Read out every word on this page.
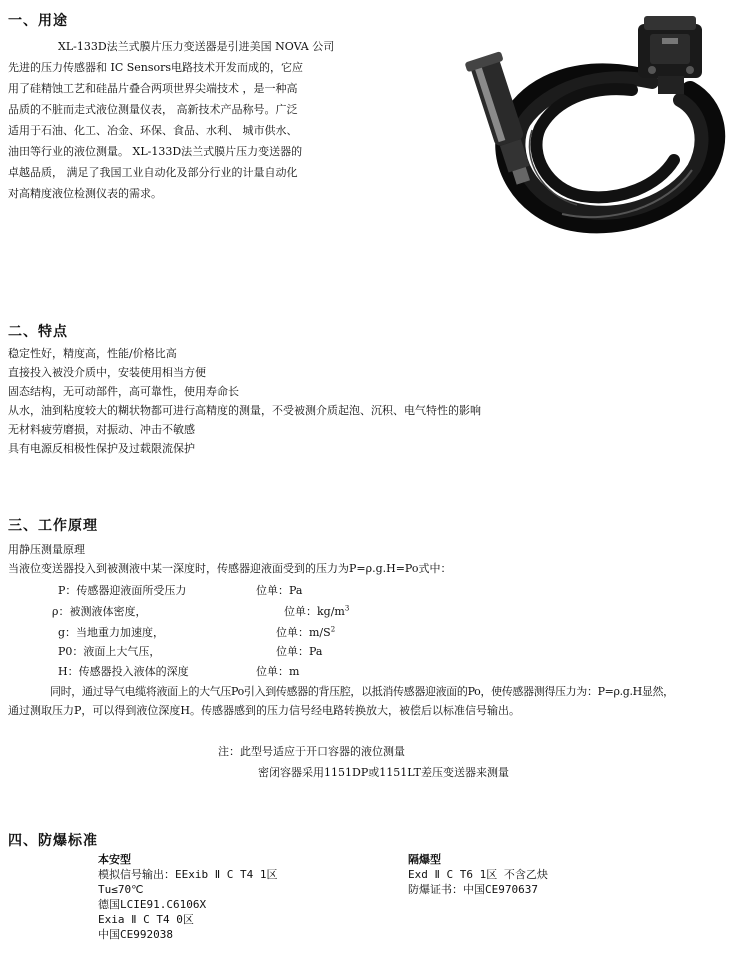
一、用途
XL-133D法兰式膜片压力变送器是引进美国 NOVA 公司
先进的压力传感器和 IC Sensors电路技术开发而成的，它应
用了硅精蚀工艺和硅晶片叠合两项世界尖端技术 ，是一种高
品质的不脏而走式液位测量仪表， 高新技术产品称号。广泛
适用于石油、化工、冶金、环保、食品、水利、 城市供水、
油田等行业的液位测量。 XL-133D法兰式膜片压力变送器的
卓越品质， 满足了我国工业自动化及部分行业的计量自动化
对高精度液位检测仪表的需求。
二、特点
稳定性好，精度高，性能/价格比高
直接投入被没介质中，安装使用相当方便
固态结构，无可动部件，高可靠性，使用寿命长
从水，油到粘度较大的糊状物都可进行高精度的测量，不受被测介质起泡、沉积、电气特性的影响
无材料疲劳磨损，对振动、冲击不敏感
具有电源反相极性保护及过载限流保护
三、工作原理
用静压测量原理
当液位变送器投入到被测液中某一深度时，传感器迎液面受到的压力为P=ρ.g.H=Po式中：
P：传感器迎液面所受压力	位单：Pa
ρ：被测液体密度，	位单：$kg/m^3$
g：当地重力加速度，	位单：$m/S^2$
P0：液面上大气压，	位单：Pa
H：传感器投入液体的深度	位单：m
同时，通过导气电缆将液面上的大气压Po引入到传感器的背压腔，以抵消传感器迎液面的Po，使传感器测得压力为：P=ρ.g.H显然，
通过测取压力P，可以得到液位深度H。传感器感到的压力信号经电路转换放大，被偿后以标准信号输出。
注：此型号适应于开口容器的液位测量
密闭容器采用1151DP或1151LT差压变送器来测量
四、防爆标准
本安型
模拟信号输出：EExib Ⅱ C T4 1区
Tu≤70℃
德国LCIE91.C6106X
Exia Ⅱ C T4 0区
中国CE992038
隔爆型
Exd Ⅱ C T6 1区 不含乙炔
防爆证书：中国CE970637
